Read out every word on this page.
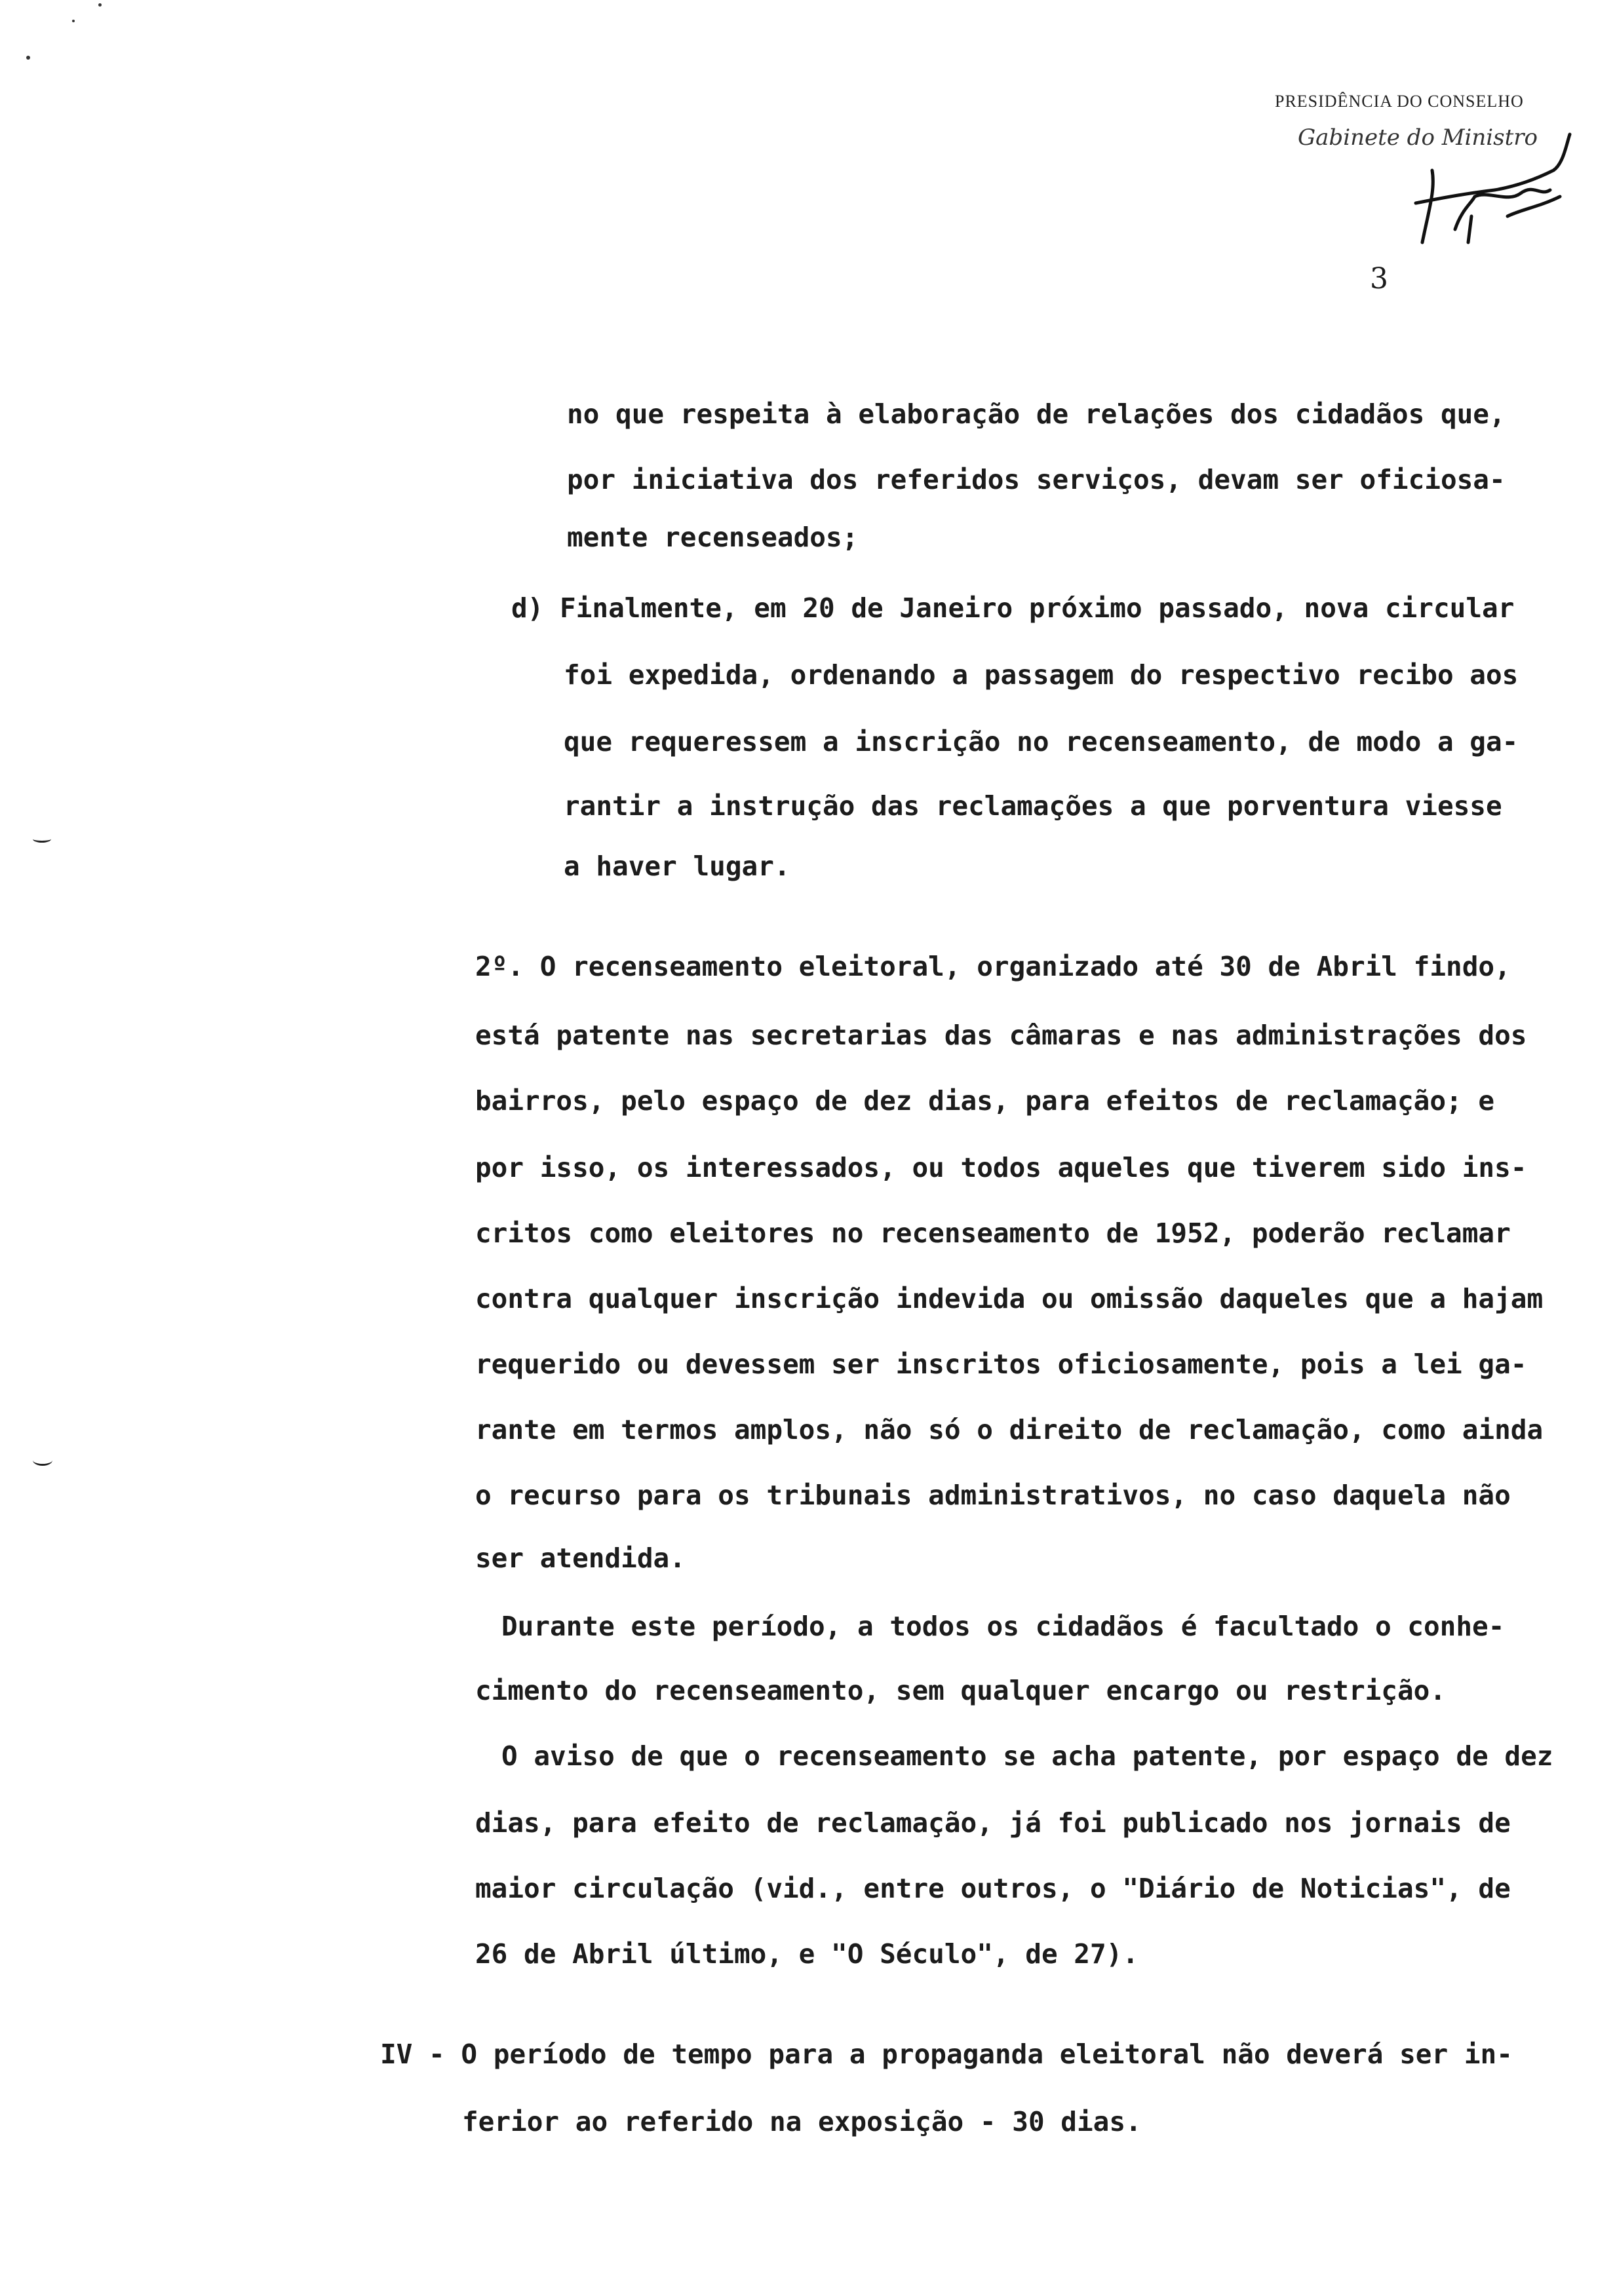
PRESIDÊNCIA DO CONSELHO
Gabinete do Ministro
3
no que respeita à elaboração de relações dos cidadãos que,
por iniciativa dos referidos serviços, devam ser oficiosa-
mente recenseados;
d) Finalmente, em 20 de Janeiro próximo passado, nova circular
foi expedida, ordenando a passagem do respectivo recibo aos
que requeressem a inscrição no recenseamento, de modo a ga-
rantir a instrução das reclamações a que porventura viesse
a haver lugar.
2º. O recenseamento eleitoral, organizado até 30 de Abril findo,
está patente nas secretarias das câmaras e nas administrações dos
bairros, pelo espaço de dez dias, para efeitos de reclamação; e
por isso, os interessados, ou todos aqueles que tiverem sido ins-
critos como eleitores no recenseamento de 1952, poderão reclamar
contra qualquer inscrição indevida ou omissão daqueles que a hajam
requerido ou devessem ser inscritos oficiosamente, pois a lei ga-
rante em termos amplos, não só o direito de reclamação, como ainda
o recurso para os tribunais administrativos, no caso daquela não
ser atendida.
Durante este período, a todos os cidadãos é facultado o conhe-
cimento do recenseamento, sem qualquer encargo ou restrição.
O aviso de que o recenseamento se acha patente, por espaço de dez
dias, para efeito de reclamação, já foi publicado nos jornais de
maior circulação (vid., entre outros, o "Diário de Noticias", de
26 de Abril último, e "O Século", de 27).
IV - O período de tempo para a propaganda eleitoral não deverá ser in-
ferior ao referido na exposição - 30 dias.
